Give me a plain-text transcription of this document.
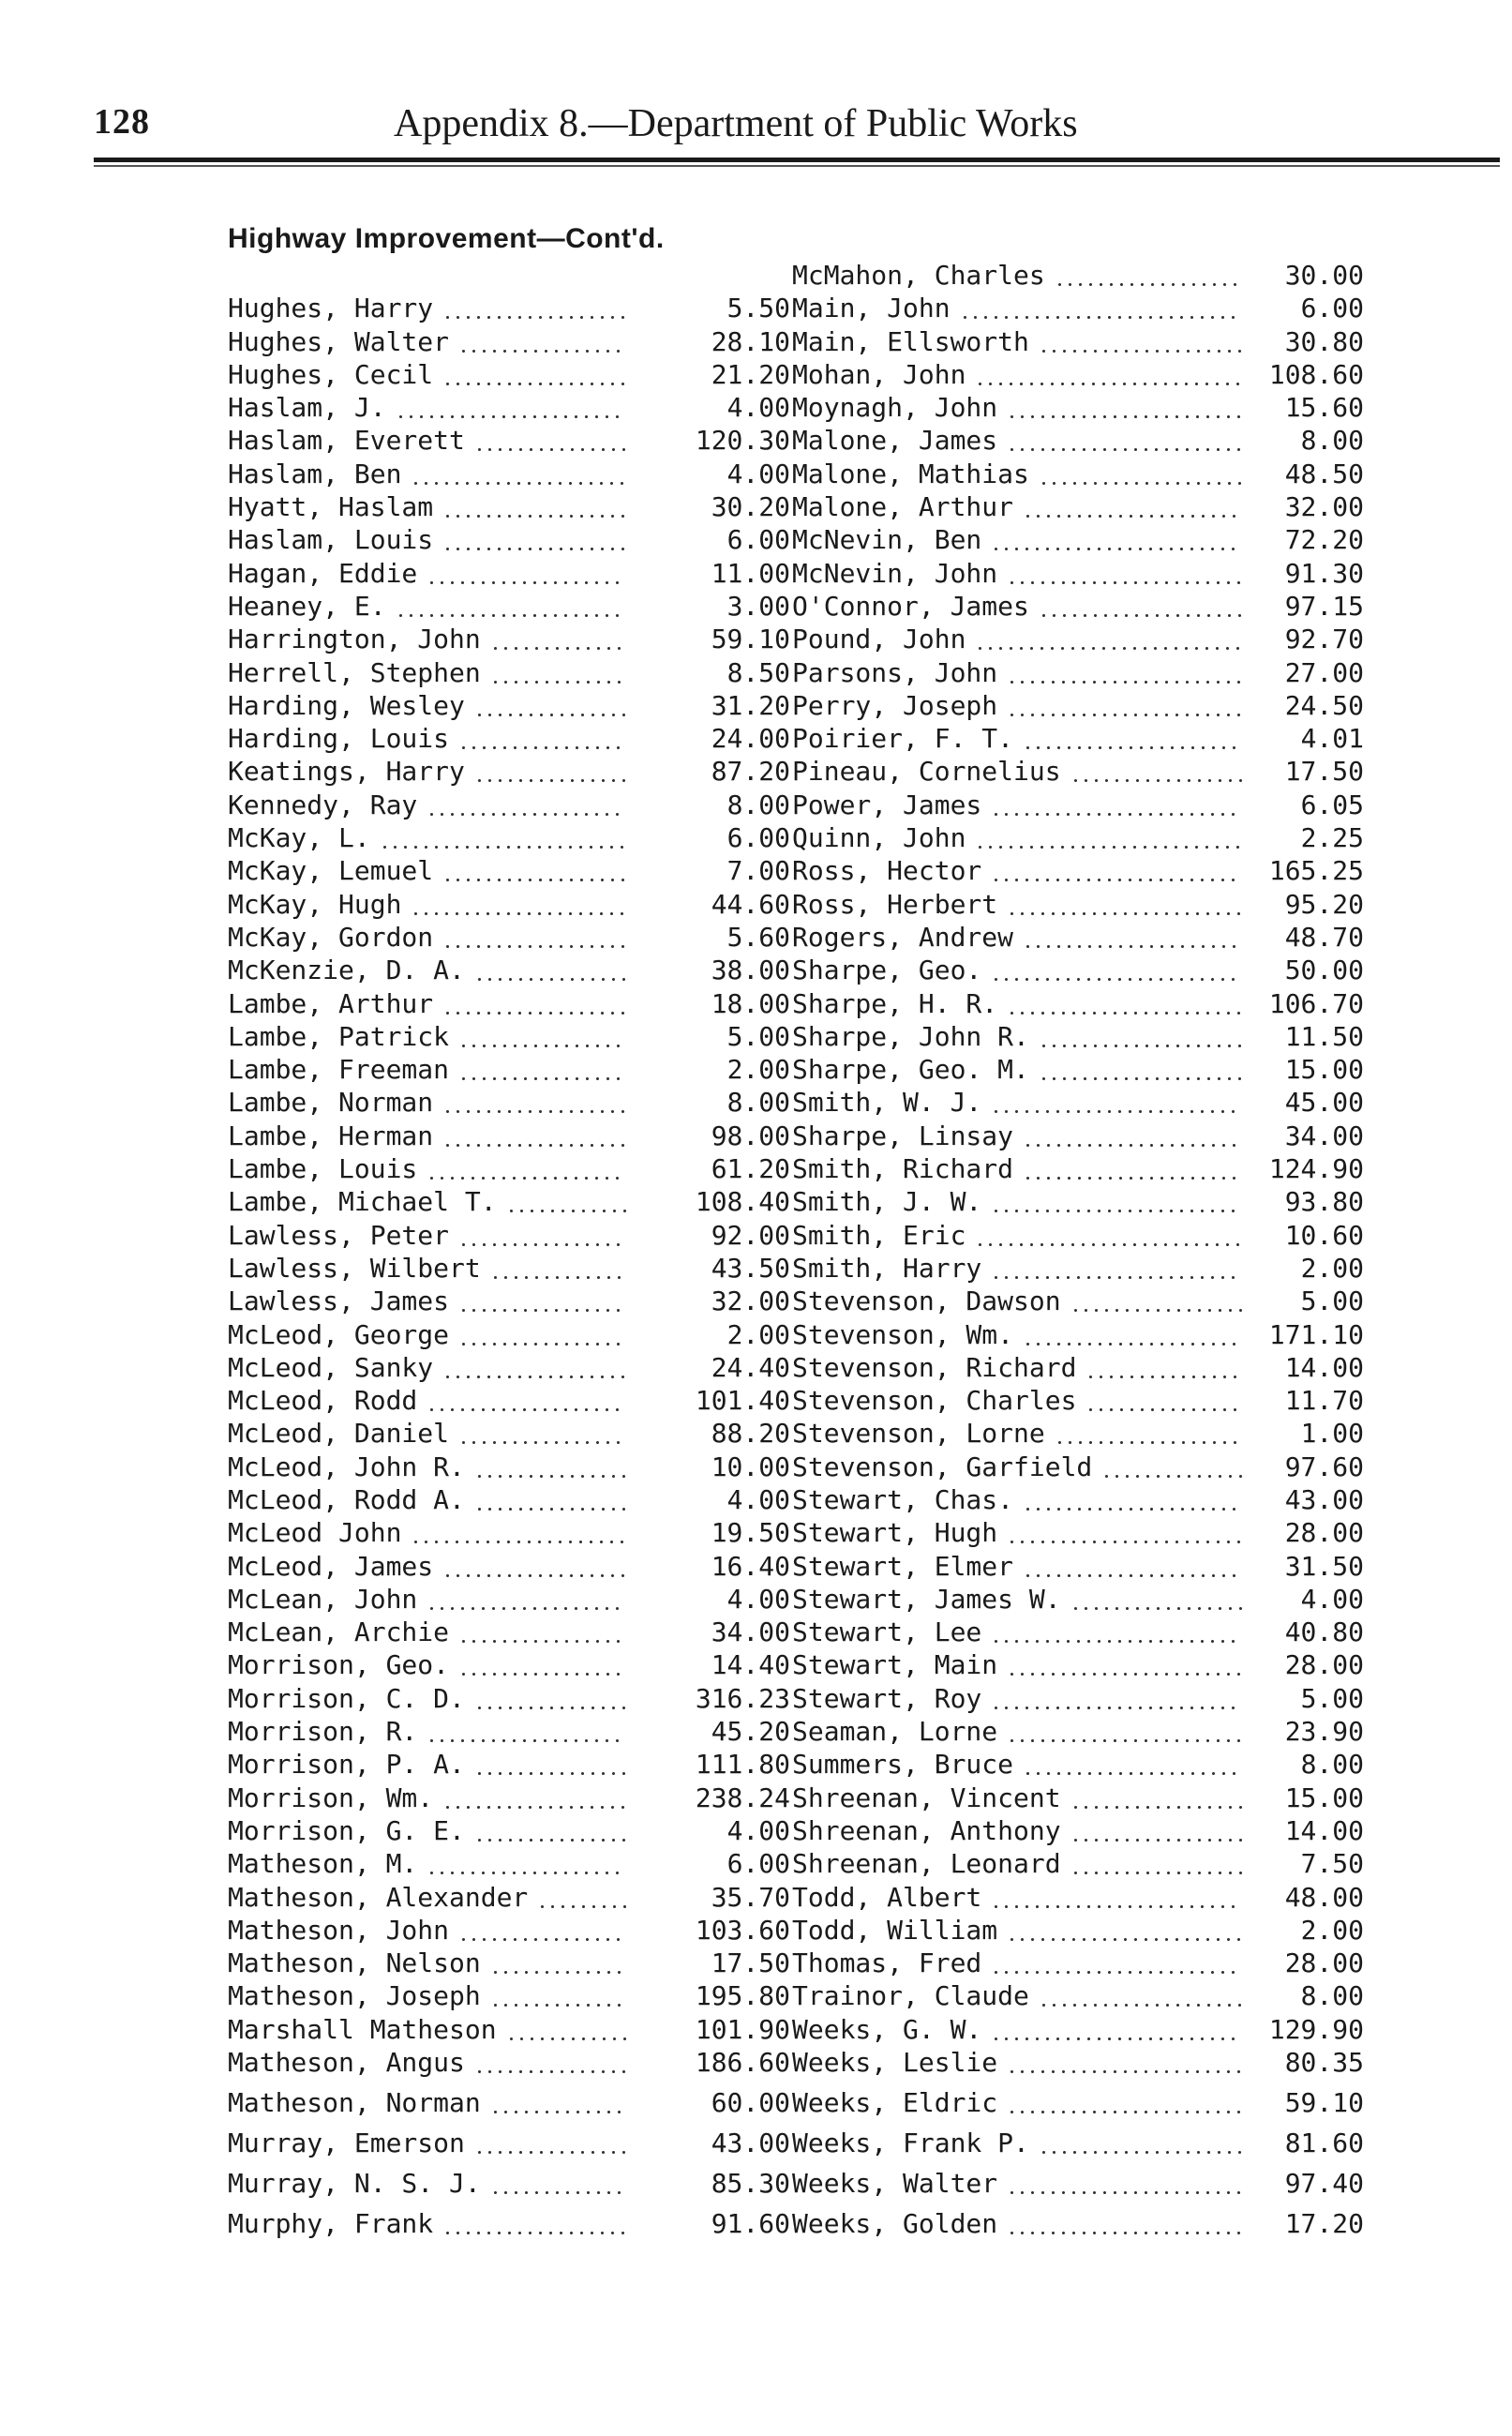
128	Appendix 8.—Department of Public Works
Highway Improvement—Cont'd.
Hughes, Harry	5.50
Hughes, Walter	28.10
Hughes, Cecil	21.20
Haslam, J.	4.00
Haslam, Everett	120.30
Haslam, Ben	4.00
Hyatt, Haslam	30.20
Haslam, Louis	6.00
Hagan, Eddie	11.00
Heaney, E.	3.00
Harrington, John	59.10
Herrell, Stephen	8.50
Harding, Wesley	31.20
Harding, Louis	24.00
Keatings, Harry	87.20
Kennedy, Ray	8.00
McKay, L.	6.00
McKay, Lemuel	7.00
McKay, Hugh	44.60
McKay, Gordon	5.60
McKenzie, D. A.	38.00
Lambe, Arthur	18.00
Lambe, Patrick	5.00
Lambe, Freeman	2.00
Lambe, Norman	8.00
Lambe, Herman	98.00
Lambe, Louis	61.20
Lambe, Michael T.	108.40
Lawless, Peter	92.00
Lawless, Wilbert	43.50
Lawless, James	32.00
McLeod, George	2.00
McLeod, Sanky	24.40
McLeod, Rodd	101.40
McLeod, Daniel	88.20
McLeod, John R.	10.00
McLeod, Rodd A.	4.00
McLeod John	19.50
McLeod, James	16.40
McLean, John	4.00
McLean, Archie	34.00
Morrison, Geo.	14.40
Morrison, C. D.	316.23
Morrison, R.	45.20
Morrison, P. A.	111.80
Morrison, Wm.	238.24
Morrison, G. E.	4.00
Matheson, M.	6.00
Matheson, Alexander	35.70
Matheson, John	103.60
Matheson, Nelson	17.50
Matheson, Joseph	195.80
Marshall Matheson	101.90
Matheson, Angus	186.60
Matheson, Norman	60.00
Murray, Emerson	43.00
Murray, N. S. J.	85.30
Murphy, Frank	91.60
McMahon, Charles	30.00
Main, John	6.00
Main, Ellsworth	30.80
Mohan, John	108.60
Moynagh, John	15.60
Malone, James	8.00
Malone, Mathias	48.50
Malone, Arthur	32.00
McNevin, Ben	72.20
McNevin, John	91.30
O'Connor, James	97.15
Pound, John	92.70
Parsons, John	27.00
Perry, Joseph	24.50
Poirier, F. T.	4.01
Pineau, Cornelius	17.50
Power, James	6.05
Quinn, John	2.25
Ross, Hector	165.25
Ross, Herbert	95.20
Rogers, Andrew	48.70
Sharpe, Geo.	50.00
Sharpe, H. R.	106.70
Sharpe, John R.	11.50
Sharpe, Geo. M.	15.00
Smith, W. J.	45.00
Sharpe, Linsay	34.00
Smith, Richard	124.90
Smith, J. W.	93.80
Smith, Eric	10.60
Smith, Harry	2.00
Stevenson, Dawson	5.00
Stevenson, Wm.	171.10
Stevenson, Richard	14.00
Stevenson, Charles	11.70
Stevenson, Lorne	1.00
Stevenson, Garfield	97.60
Stewart, Chas.	43.00
Stewart, Hugh	28.00
Stewart, Elmer	31.50
Stewart, James W.	4.00
Stewart, Lee	40.80
Stewart, Main	28.00
Stewart, Roy	5.00
Seaman, Lorne	23.90
Summers, Bruce	8.00
Shreenan, Vincent	15.00
Shreenan, Anthony	14.00
Shreenan, Leonard	7.50
Todd, Albert	48.00
Todd, William	2.00
Thomas, Fred	28.00
Trainor, Claude	8.00
Weeks, G. W.	129.90
Weeks, Leslie	80.35
Weeks, Eldric	59.10
Weeks, Frank P.	81.60
Weeks, Walter	97.40
Weeks, Golden	17.20
